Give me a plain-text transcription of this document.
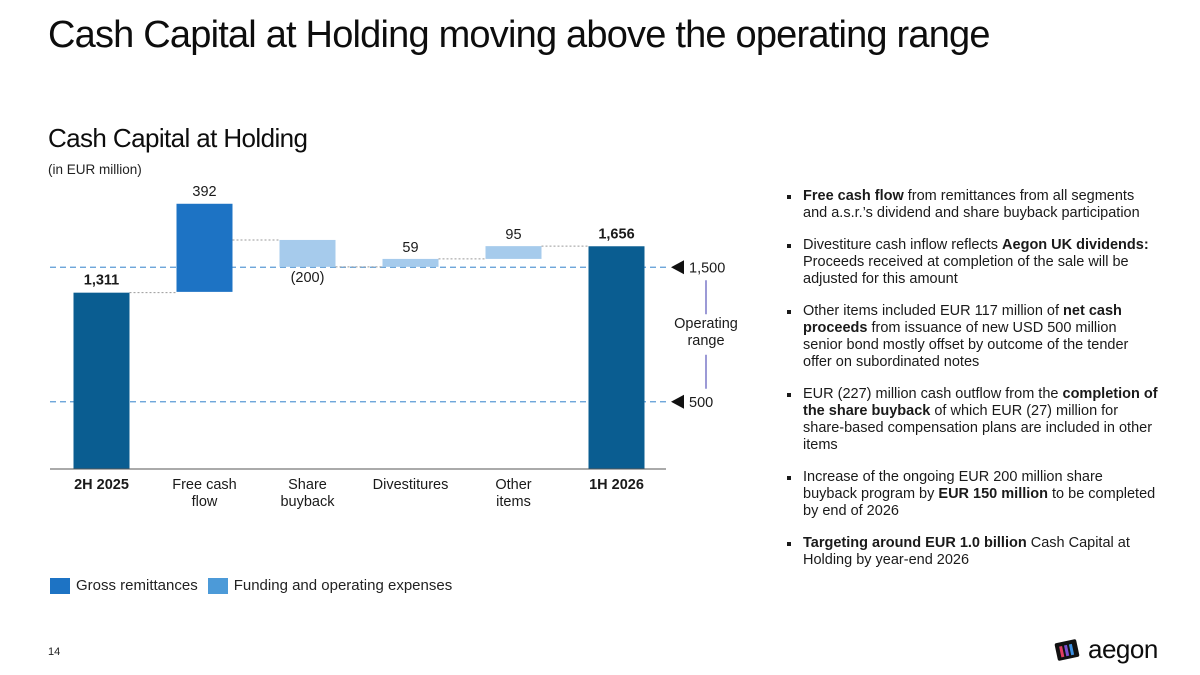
Cash Capital at Holding moving above the operating range
Cash Capital at Holding
(in EUR million)
1,311
392
(200)
59
95	1,656
2H 2025	Free cash flow
Share buyback
Divestitures	Other items
1H 2026
1,500
500
Operating range
Gross remittances Funding and operating expenses
Free cash flow from remittances from all segments and a.s.r.’s dividend and share buyback participation
Divestiture cash inflow reflects Aegon UK dividends: Proceeds received at completion of the sale will be adjusted for this amount
Other items included EUR 117 million of net cash proceeds from issuance of new USD 500 million senior bond mostly offset by outcome of the tender offer on subordinated notes
EUR (227) million cash outflow from the completion of the share buyback of which EUR (27) million for share-based compensation plans are included in other items
Increase of the ongoing EUR 200 million share buyback program by EUR 150 million to be completed by end of 2026
Targeting around EUR 1.0 billion Cash Capital at Holding by year-end 2026
14	aegon
